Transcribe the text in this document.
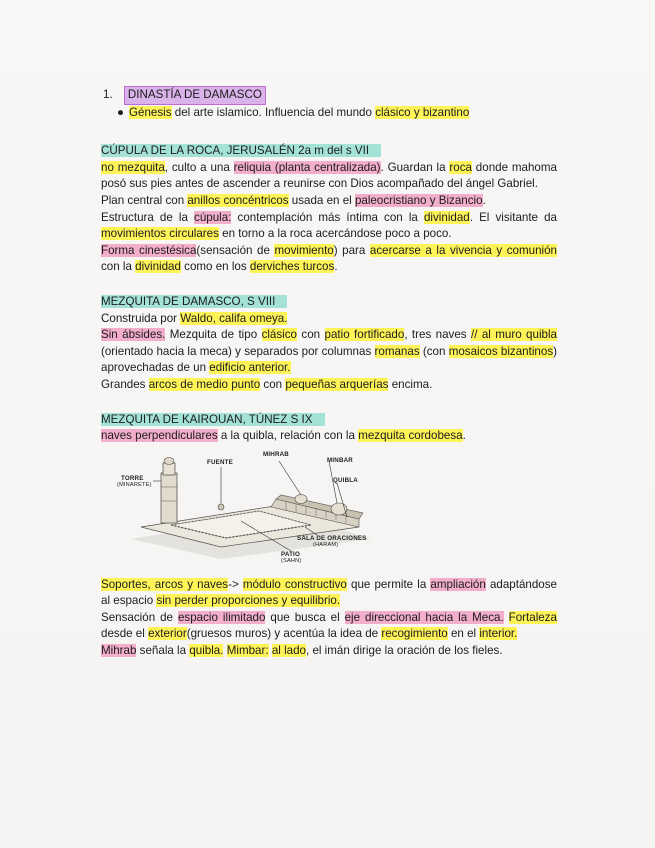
1. DINASTÍA DE DAMASCO
● Génesis del arte islamico. Influencia del mundo clásico y bizantino
CÚPULA DE LA ROCA, JERUSALÉN 2a m del s VII

no mezquita, culto a una reliquia (planta centralizada). Guardan la roca donde mahoma posó sus pies antes de ascender a reunirse con Dios acompañado del ángel Gabriel.

Plan central con anillos concéntricos usada en el paleocristiano y Bizancio.

Estructura de la cúpula: contemplación más íntima con la divinidad. El visitante da movimientos circulares en torno a la roca acercándose poco a poco.

Forma cinestésica(sensación de movimiento) para acercarse a la vivencia y comunión con la divinidad como en los derviches turcos.

MEZQUITA DE DAMASCO, S VIII

Construida por Waldo, califa omeya.

Sin ábsides. Mezquita de tipo clásico con patio fortificado, tres naves // al muro quibla (orientado hacia la meca) y separados por columnas romanas (con mosaicos bizantinos) aprovechadas de un edificio anterior.

Grandes arcos de medio punto con pequeñas arquerías encima.

MEZQUITA DE KAIROUAN, TÚNEZ S IX

naves perpendiculares a la quibla, relación con la mezquita cordobesa.

MIHRAB
FUENTE	MINBAR
TORRE
(MINARETE)
QUIBLA
SALA DE ORACIONES
(HARAM)
PATIO
(SAHN)

Soportes, arcos y naves-> módulo constructivo que permite la ampliación adaptándose al espacio sin perder proporciones y equilibrio.

Sensación de espacio ilimitado que busca el eje direccional hacia la Meca. Fortaleza desde el exterior(gruesos muros) y acentúa la idea de recogimiento en el interior.

Mihrab señala la quibla. Mimbar: al lado, el imán dirige la oración de los fieles.
